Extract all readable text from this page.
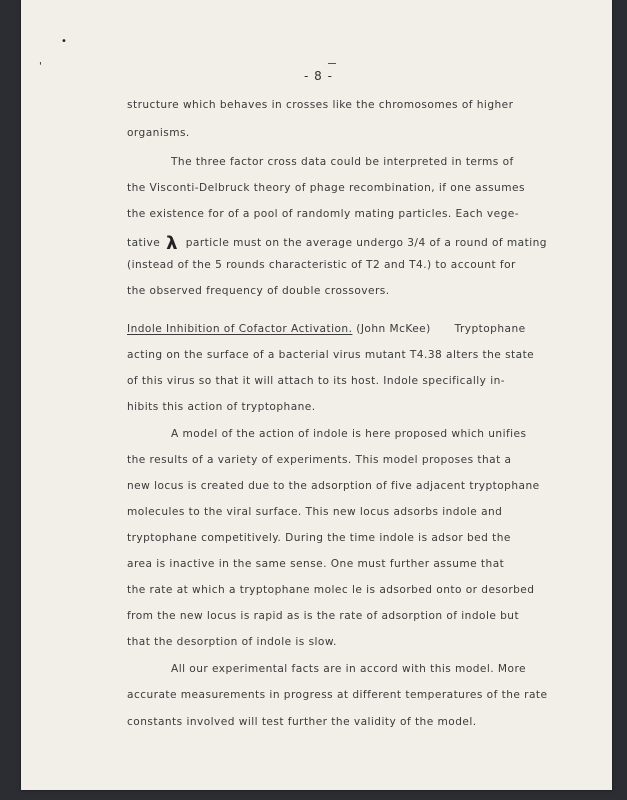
•
'
- 8 -
structure which behaves in crosses like the chromosomes of higher
organisms.
The three factor cross data could be interpreted in terms of
the Visconti-Delbruck theory of phage recombination, if one assumes
the existence for of a pool of randomly mating particles. Each vege-
tative λ particle must on the average undergo 3/4 of a round of mating
(instead of the 5 rounds characteristic of T2 and T4.) to account for
the observed frequency of double crossovers.
Indole Inhibition of Cofactor Activation. (John McKee) Tryptophane
acting on the surface of a bacterial virus mutant T4.38 alters the state
of this virus so that it will attach to its host. Indole specifically in-
hibits this action of tryptophane.
A model of the action of indole is here proposed which unifies
the results of a variety of experiments. This model proposes that a
new locus is created due to the adsorption of five adjacent tryptophane
molecules to the viral surface. This new locus adsorbs indole and
tryptophane competitively. During the time indole is adsor bed the
area is inactive in the same sense. One must further assume that
the rate at which a tryptophane molec le is adsorbed onto or desorbed
from the new locus is rapid as is the rate of adsorption of indole but
that the desorption of indole is slow.
All our experimental facts are in accord with this model. More
accurate measurements in progress at different temperatures of the rate
constants involved will test further the validity of the model.
